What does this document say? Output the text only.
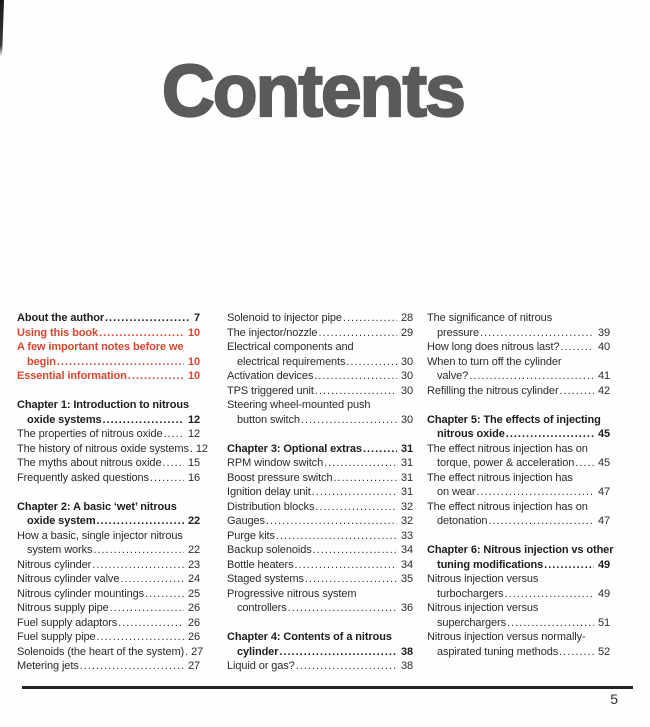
Contents
About the author .....	7
Using this book .....	10
A few important notes before we
begin .....	10
Essential information .....	10
Chapter 1: Introduction to nitrous
oxide systems .....	12
The properties of nitrous oxide ..... 12
The history of nitrous oxide systems ..... 12
The myths about nitrous oxide ..... 15
Frequently asked questions .....	16
Chapter 2: A basic ‘wet’ nitrous
oxide system .....	22
How a basic, single injector nitrous
system works .....	22
Nitrous cylinder .....	23
Nitrous cylinder valve .....	24
Nitrous cylinder mountings .....	25
Nitrous supply pipe .....	26
Fuel supply adaptors .....	26
Fuel supply pipe .....	26
Solenoids (the heart of the system) ..... 27
Metering jets .....	27
Solenoid to injector pipe .....	28
The injector/nozzle .....	29
Electrical components and
electrical requirements .....	30
Activation devices .....	30
TPS triggered unit .....	30
Steering wheel-mounted push
button switch .....	30
Chapter 3: Optional extras .....	31
RPM window switch .....	31
Boost pressure switch .....	31
Ignition delay unit .....	31
Distribution blocks .....	32
Gauges .....	32
Purge kits .....	33
Backup solenoids .....	34
Bottle heaters .....	34
Staged systems .....	35
Progressive nitrous system
controllers .....	36
Chapter 4: Contents of a nitrous
cylinder .....	38
Liquid or gas? .....	38
The significance of nitrous
pressure .....	39
How long does nitrous last? .....	40
When to turn off the cylinder
valve? .....	41
Refilling the nitrous cylinder .....	42
Chapter 5: The effects of injecting
nitrous oxide .....	45
The effect nitrous injection has on
torque, power & acceleration ..... 45
The effect nitrous injection has
on wear .....	47
The effect nitrous injection has on
detonation .....	47
Chapter 6: Nitrous injection vs other
tuning modifications .....	49
Nitrous injection versus
turbochargers .....	49
Nitrous injection versus
superchargers .....	51
Nitrous injection versus normally-
aspirated tuning methods .....	52
5
